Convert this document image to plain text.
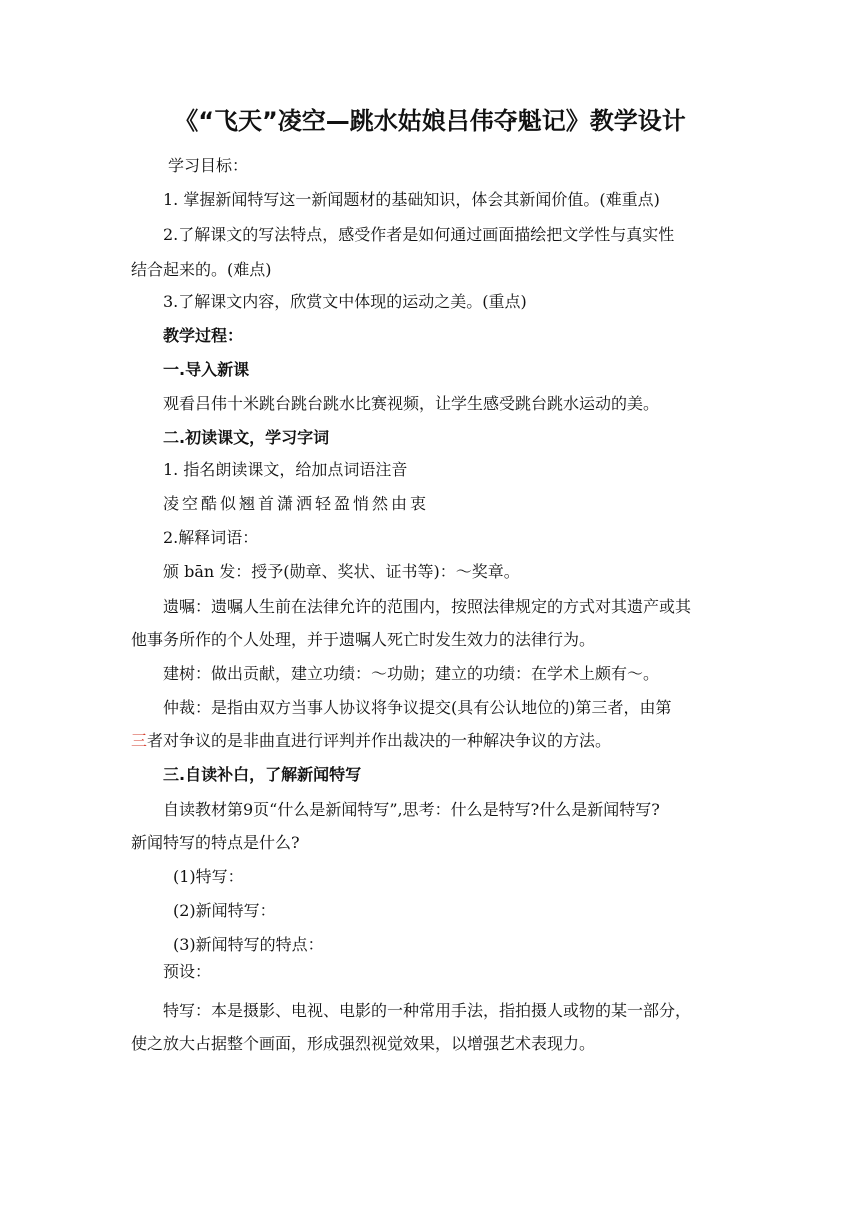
《“飞天”凌空—跳水姑娘吕伟夺魁记》教学设计
学习目标：
1. 掌握新闻特写这一新闻题材的基础知识，体会其新闻价值。(难重点)
2.了解课文的写法特点，感受作者是如何通过画面描绘把文学性与真实性
结合起来的。(难点)
3.了解课文内容，欣赏文中体现的运动之美。(重点)
教学过程：
一.导入新课
观看吕伟十米跳台跳台跳水比赛视频，让学生感受跳台跳水运动的美。
二.初读课文，学习字词
1. 指名朗读课文，给加点词语注音
凌空酷似翘首潇洒轻盈悄然由衷
2.解释词语：
颁 bān 发：授予(勋章、奖状、证书等)：～奖章。
遗嘱：遗嘱人生前在法律允许的范围内，按照法律规定的方式对其遗产或其
他事务所作的个人处理，并于遗嘱人死亡时发生效力的法律行为。
建树：做出贡献，建立功绩：～功勋；建立的功绩：在学术上颇有～。
仲裁：是指由双方当事人协议将争议提交(具有公认地位的)第三者，由第
三者对争议的是非曲直进行评判并作出裁决的一种解决争议的方法。
三.自读补白，了解新闻特写
自读教材第9页“什么是新闻特写”,思考：什么是特写?什么是新闻特写?
新闻特写的特点是什么?
(1)特写：
(2)新闻特写：
(3)新闻特写的特点：
预设：
特写：本是摄影、电视、电影的一种常用手法，指拍摄人或物的某一部分，
使之放大占据整个画面，形成强烈视觉效果，以增强艺术表现力。
